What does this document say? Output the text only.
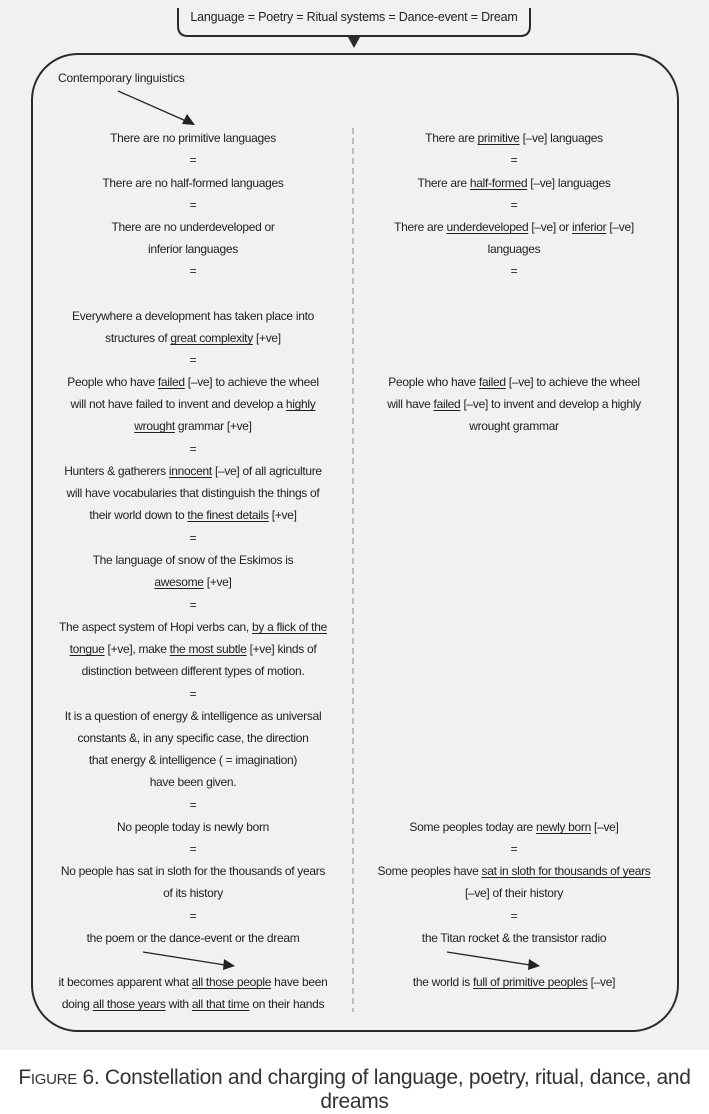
Language = Poetry = Ritual systems = Dance-event = Dream
Contemporary linguistics
There are no primitive languages
=
There are no half-formed languages
=
There are no underdeveloped or
inferior languages
=
Everywhere a development has taken place into
structures of great complexity [+ve]
=
People who have failed [–ve] to achieve the wheel
will not have failed to invent and develop a highly
wrought grammar [+ve]
=
Hunters & gatherers innocent [–ve] of all agriculture
will have vocabularies that distinguish the things of
their world down to the finest details [+ve]
=
The language of snow of the Eskimos is
awesome [+ve]
=
The aspect system of Hopi verbs can, by a flick of the
tongue [+ve], make the most subtle [+ve] kinds of
distinction between different types of motion.
=
It is a question of energy & intelligence as universal
constants &, in any specific case, the direction
that energy & intelligence ( = imagination)
have been given.
=
No people today is newly born
=
No people has sat in sloth for the thousands of years
of its history
=
the poem or the dance-event or the dream
it becomes apparent what all those people have been
doing all those years with all that time on their hands
There are primitive [–ve] languages
=
There are half-formed [–ve] languages
=
There are underdeveloped [–ve] or inferior [–ve]
languages
=
People who have failed [–ve] to achieve the wheel
will have failed [–ve] to invent and develop a highly
wrought grammar
Some peoples today are newly born [–ve]
=
Some peoples have sat in sloth for thousands of years
[–ve] of their history
=
the Titan rocket & the transistor radio
the world is full of primitive peoples [–ve]
FIGURE 6. Constellation and charging of language, poetry, ritual, dance, and dreams
